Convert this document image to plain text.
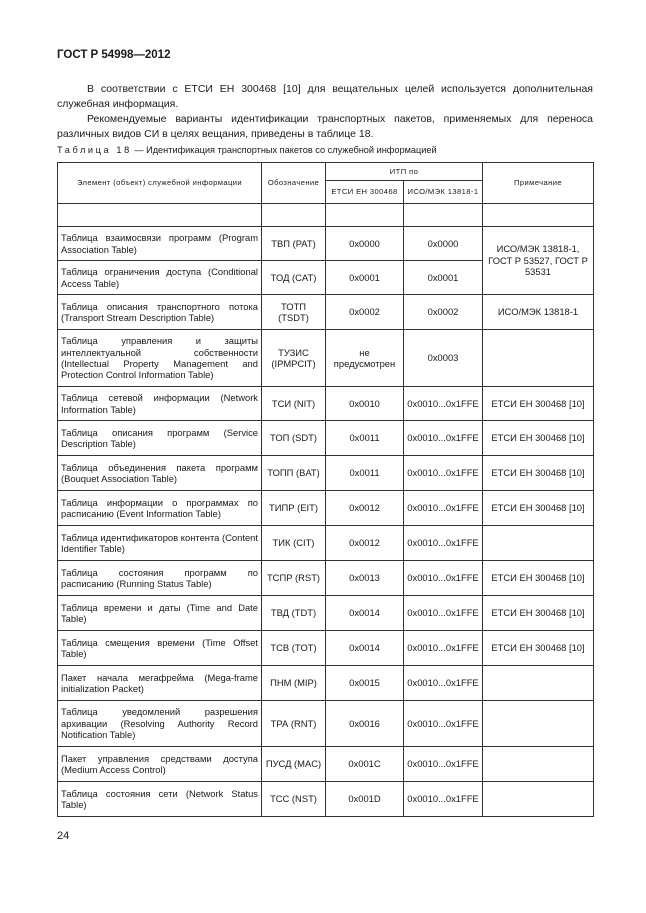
ГОСТ Р 54998—2012
В соответствии с ЕТСИ ЕН 300468 [10] для вещательных целей используется дополнительная служебная информация.
Рекомендуемые варианты идентификации транспортных пакетов, применяемых для переноса различных видов СИ в целях вещания, приведены в таблице 18.
Таблица 18 — Идентификация транспортных пакетов со служебной информацией
Элемент (объект) служебной информации	Обозначение	ИТП по		Примечание
		ЕТСИ ЕН 300468	ИСО/МЭК 13818-1	

Таблица взаимосвязи программ (Program Association Table)	ТВП (PAT)	0x0000	0x0000	ИСО/МЭК 13818-1, ГОСТ Р 53527, ГОСТ Р 53531
Таблица ограничения доступа (Conditional Access Table)	ТОД (CAT)	0x0001	0x0001	
Таблица описания транспортного потока (Transport Stream Description Table)	ТОТП (TSDT)	0x0002	0x0002	ИСО/МЭК 13818-1
Таблица управления и защиты интеллектуальной собственности (Intellectual Property Management and Protection Control Information Table)	ТУЗИС (IPMPCIT)	не предусмотрен	0x0003	
Таблица сетевой информации (Network Information Table)	ТСИ (NIT)	0x0010	0x0010...0x1FFE	ЕТСИ ЕН 300468 [10]
Таблица описания программ (Service Description Table)	ТОП (SDT)	0x0011	0x0010...0x1FFE	ЕТСИ ЕН 300468 [10]
Таблица объединения пакета программ (Bouquet Association Table)	ТОПП (BAT)	0x0011	0x0010...0x1FFE	ЕТСИ ЕН 300468 [10]
Таблица информации о программах по расписанию (Event Information Table)	ТИПР (EIT)	0x0012	0x0010...0x1FFE	ЕТСИ ЕН 300468 [10]
Таблица идентификаторов контента (Content Identifier Table)	ТИК (CIT)	0x0012	0x0010...0x1FFE	
Таблица состояния программ по расписанию (Running Status Table)	ТСПР (RST)	0x0013	0x0010...0x1FFE	ЕТСИ ЕН 300468 [10]
Таблица времени и даты (Time and Date Table)	ТВД (TDT)	0x0014	0x0010...0x1FFE	ЕТСИ ЕН 300468 [10]
Таблица смещения времени (Time Offset Table)	ТСВ (TOT)	0x0014	0x0010...0x1FFE	ЕТСИ ЕН 300468 [10]
Пакет начала мегафрейма (Mega-frame initialization Packet)	ПНМ (MIP)	0x0015	0x0010...0x1FFE	
Таблица уведомлений разрешения архивации (Resolving Authority Record Notification Table)	ТРА (RNT)	0x0016	0x0010...0x1FFE	
Пакет управления средствами доступа (Medium Access Control)	ПУСД (MAC)	0x001C	0x0010...0x1FFE	
Таблица состояния сети (Network Status Table)	ТСС (NST)	0x001D	0x0010...0x1FFE	
24
